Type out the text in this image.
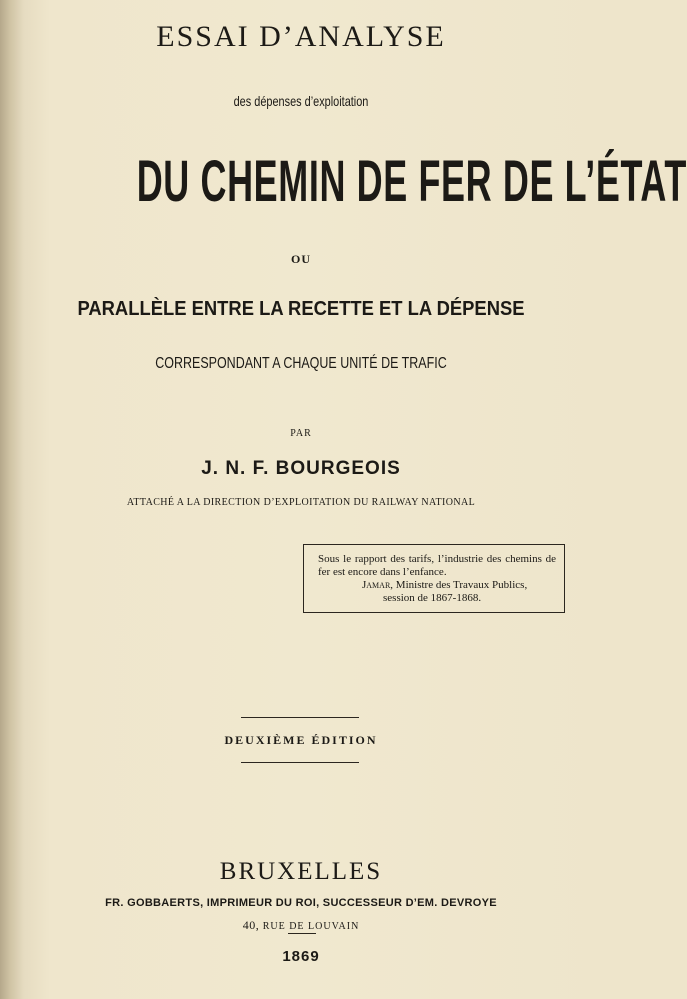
ESSAI D’ANALYSE

des dépenses d’exploitation

DU CHEMIN DE FER DE L’ÉTAT

OU

PARALLÈLE ENTRE LA RECETTE ET LA DÉPENSE

CORRESPONDANT A CHAQUE UNITÉ DE TRAFIC

PAR

J. N. F. BOURGEOIS

ATTACHÉ A LA DIRECTION D’EXPLOITATION DU RAILWAY NATIONAL

Sous le rapport des tarifs, l’industrie des chemins de fer est encore dans l’enfance.

Jamar, Ministre des Travaux Publics,

session de 1867-1868.

DEUXIÈME ÉDITION

BRUXELLES

FR. GOBBAERTS, IMPRIMEUR DU ROI, SUCCESSEUR D’EM. DEVROYE

40, RUE DE LOUVAIN

1869
